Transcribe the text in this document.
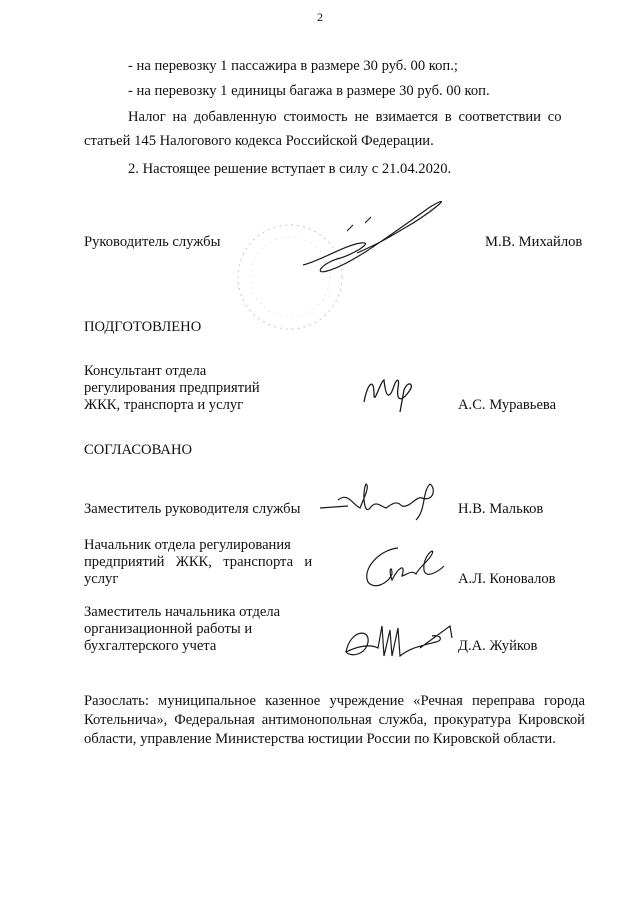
2
- на перевозку 1 пассажира в размере 30 руб. 00 коп.;
- на перевозку 1 единицы багажа в размере 30 руб. 00 коп.
Налог на добавленную стоимость не взимается в соответствии со
статьей 145 Налогового кодекса Российской Федерации.
2. Настоящее решение вступает в силу с 21.04.2020.
Руководитель службы	М.В. Михайлов
ПОДГОТОВЛЕНО
Консультант отдела
регулирования предприятий
ЖКК, транспорта и услуг	А.С. Муравьева
СОГЛАСОВАНО
Заместитель руководителя службы	Н.В. Мальков
Начальник отдела регулирования
предприятий  ЖКК,  транспорта  и
услуг	А.Л. Коновалов
Заместитель начальника отдела
организационной работы и
бухгалтерского учета	Д.А. Жуйков
Разослать: муниципальное казенное учреждение «Речная переправа города Котельнича», Федеральная антимонопольная служба, прокуратура Кировской области, управление Министерства юстиции России по Кировской области.
